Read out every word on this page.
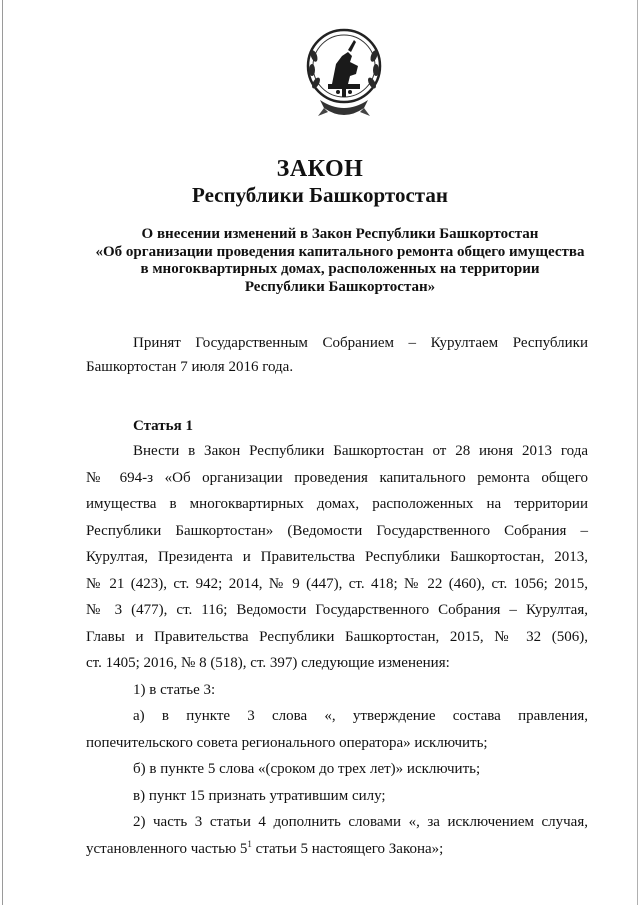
ЗАКОН
Республики Башкортостан
О внесении изменений в Закон Республики Башкортостан
«Об организации проведения капитального ремонта общего имущества
в многоквартирных домах, расположенных на территории
Республики Башкортостан»
Принят Государственным Собранием – Курултаем Республики
Башкортостан 7 июля 2016 года.
Статья 1
Внести в Закон Республики Башкортостан от 28 июня 2013 года
№ 694-з «Об организации проведения капитального ремонта общего
имущества в многоквартирных домах, расположенных на территории
Республики Башкортостан» (Ведомости Государственного Собрания –
Курултая, Президента и Правительства Республики Башкортостан, 2013,
№ 21 (423), ст. 942; 2014, № 9 (447), ст. 418; № 22 (460), ст. 1056; 2015,
№ 3 (477), ст. 116; Ведомости Государственного Собрания – Курултая,
Главы и Правительства Республики Башкортостан, 2015, № 32 (506),
ст. 1405; 2016, № 8 (518), ст. 397) следующие изменения:
1) в статье 3:
а) в пункте 3 слова «, утверждение состава правления,
попечительского совета регионального оператора» исключить;
б) в пункте 5 слова «(сроком до трех лет)» исключить;
в) пункт 15 признать утратившим силу;
2) часть 3 статьи 4 дополнить словами «, за исключением случая,
установленного частью $5^1$ статьи 5 настоящего Закона»;
